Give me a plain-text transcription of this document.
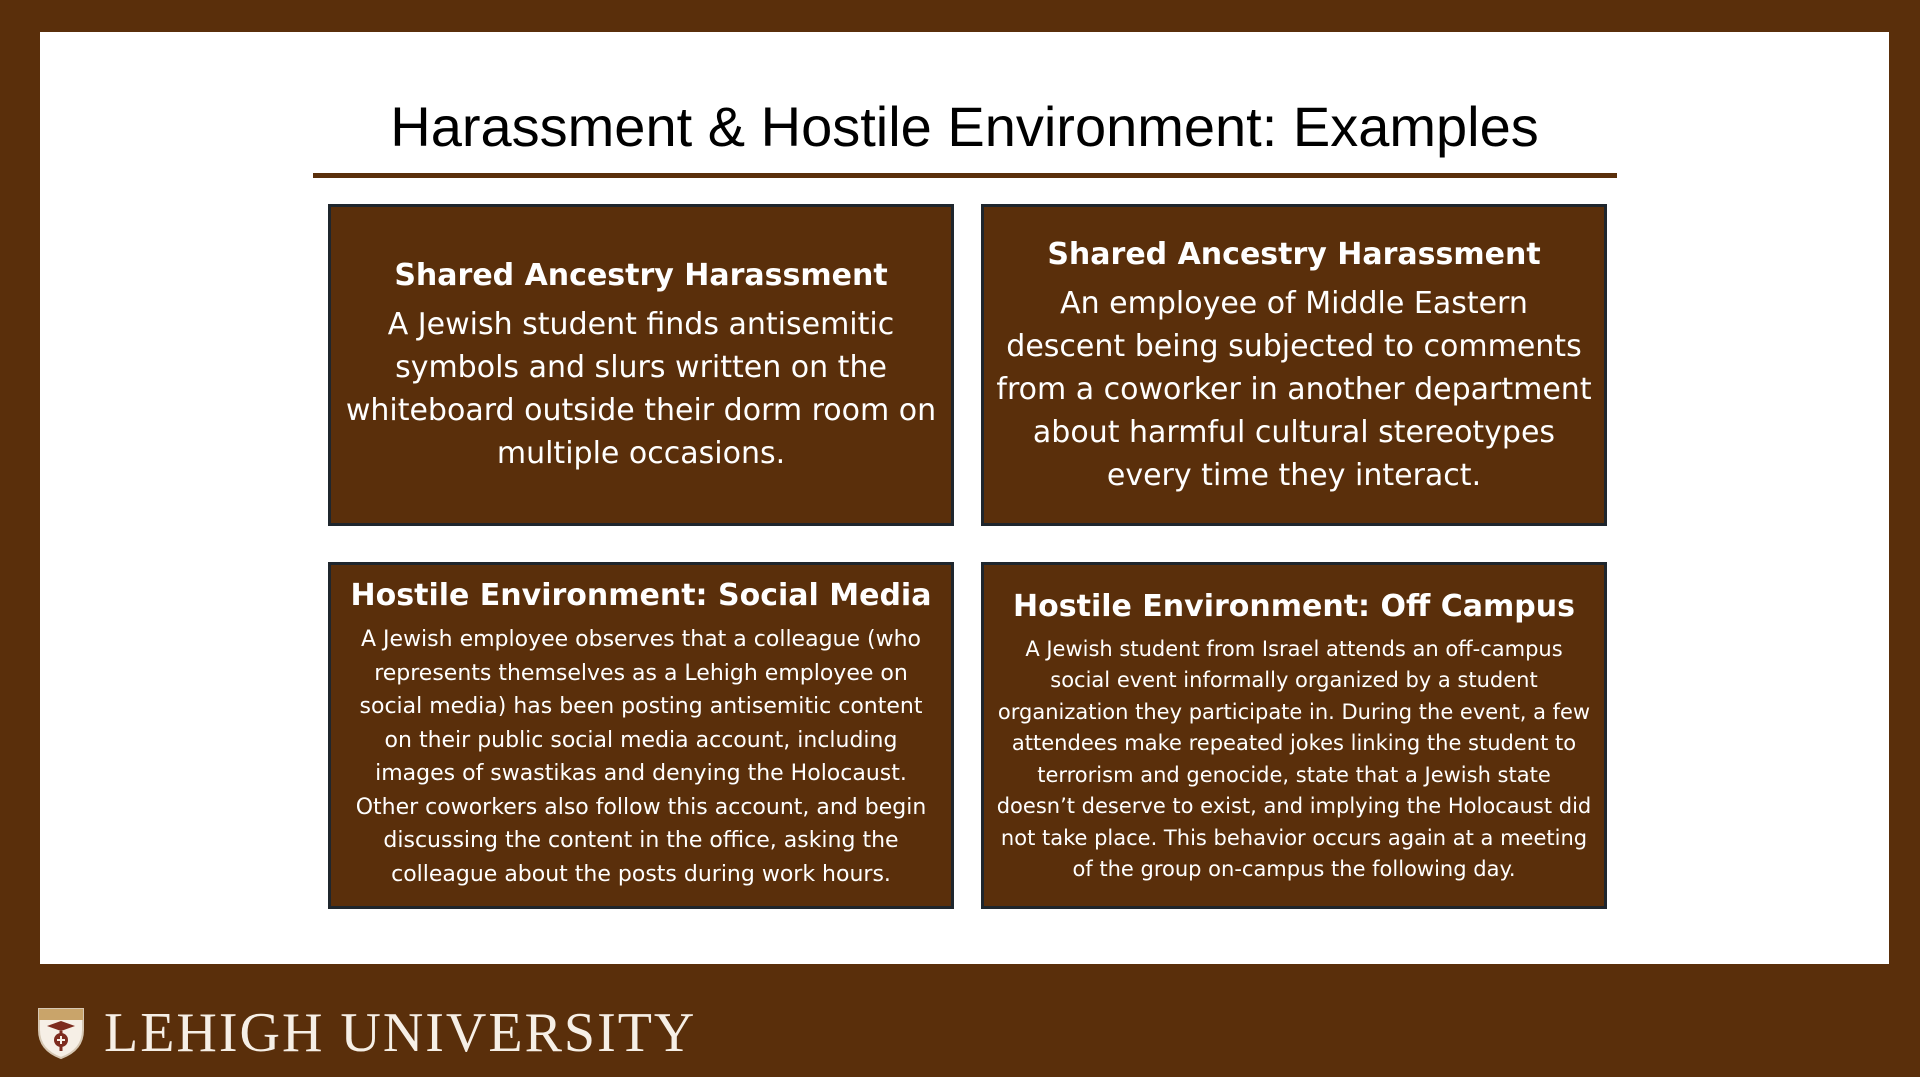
Harassment & Hostile Environment: Examples
Shared Ancestry Harassment
A Jewish student finds antisemitic symbols and slurs written on the whiteboard outside their dorm room on multiple occasions.
Shared Ancestry Harassment
An employee of Middle Eastern descent being subjected to comments from a coworker in another department about harmful cultural stereotypes every time they interact.
Hostile Environment: Social Media
A Jewish employee observes that a colleague (who represents themselves as a Lehigh employee on social media) has been posting antisemitic content on their public social media account, including images of swastikas and denying the Holocaust. Other coworkers also follow this account, and begin discussing the content in the office, asking the colleague about the posts during work hours.
Hostile Environment: Off Campus
A Jewish student from Israel attends an off-campus social event informally organized by a student organization they participate in. During the event, a few attendees make repeated jokes linking the student to terrorism and genocide, state that a Jewish state doesn’t deserve to exist, and implying the Holocaust did not take place. This behavior occurs again at a meeting of the group on-campus the following day.
LEHIGH UNIVERSITY
